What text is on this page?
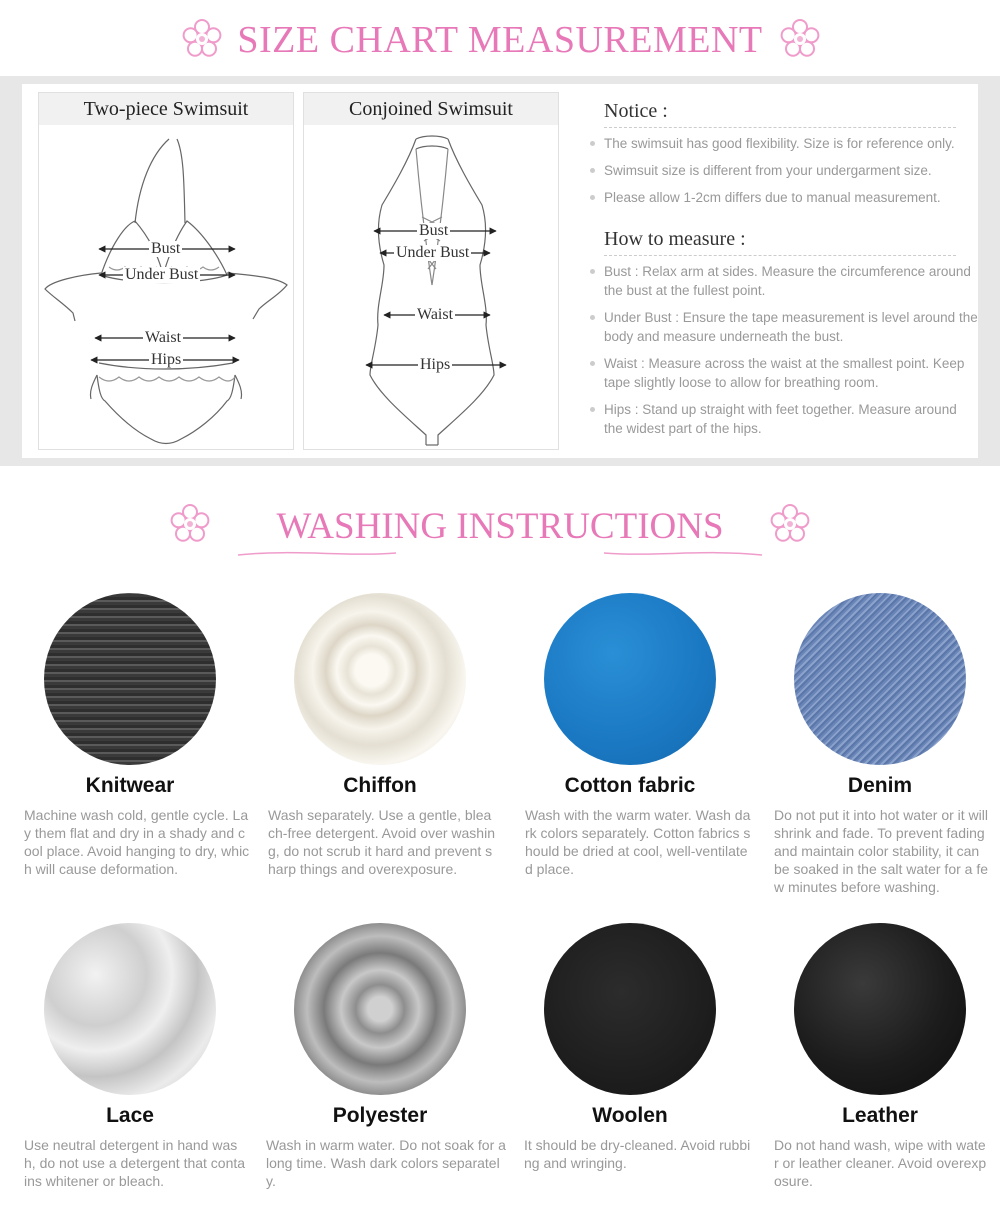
SIZE CHART MEASUREMENT
Two-piece Swimsuit
Bust
Under Bust
Waist
Hips
Conjoined Swimsuit
Bust
Under Bust
Waist
Hips
Notice :
The swimsuit has good flexibility. Size is for reference only.
Swimsuit size is different from your undergarment size.
Please allow 1-2cm differs due to manual measurement.
How to measure :
Bust : Relax arm at sides. Measure the circumference around the bust at the fullest point.
Under Bust : Ensure the tape measurement is level around the body and measure underneath the bust.
Waist : Measure across the waist at the smallest point. Keep tape slightly loose to allow for breathing room.
Hips : Stand up straight with feet together. Measure around the widest part of the hips.
WASHING INSTRUCTIONS
Knitwear	Chiffon	Cotton fabric	Denim
Machine wash cold, gentle cycle. Lay them flat and dry in a shady and cool place. Avoid hanging to dry, which will cause deformation.
Wash separately. Use a gentle, bleach-free detergent. Avoid over washing, do not scrub it hard and prevent sharp things and overexposure.
Wash with the warm water. Wash dark colors separately. Cotton fabrics should be dried at cool, well-ventilated place.
Do not put it into hot water or it will shrink and fade. To prevent fading and maintain color stability, it can be soaked in the salt water for a few minutes before washing.
Lace	Polyester	Woolen	Leather
Use neutral detergent in hand wash, do not use a detergent that contains whitener or bleach.
Wash in warm water. Do not soak for a long time. Wash dark colors separately.
It should be dry-cleaned. Avoid rubbing and wringing.
Do not hand wash, wipe with water or leather cleaner. Avoid overexposure.
